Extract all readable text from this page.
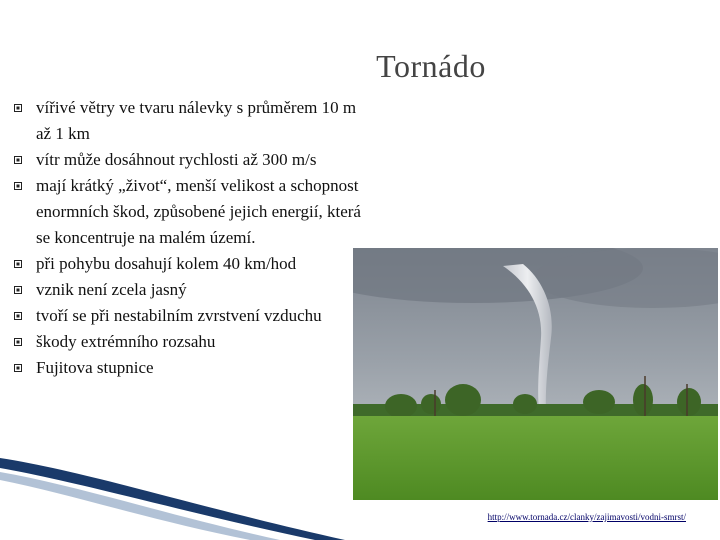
Tornádo
vířivé větry ve tvaru nálevky s průměrem 10 m až 1 km
vítr může dosáhnout rychlosti až 300 m/s
mají krátký „život“, menší velikost a schopnost enormních škod, způsobené jejich energií, která se koncentruje na malém území.
při pohybu dosahují kolem 40 km/hod
vznik není zcela jasný
tvoří se při nestabilním zvrstvení vzduchu
škody extrémního rozsahu
Fujitova stupnice
http://www.tornada.cz/clanky/zajimavosti/vodni-smrst/
